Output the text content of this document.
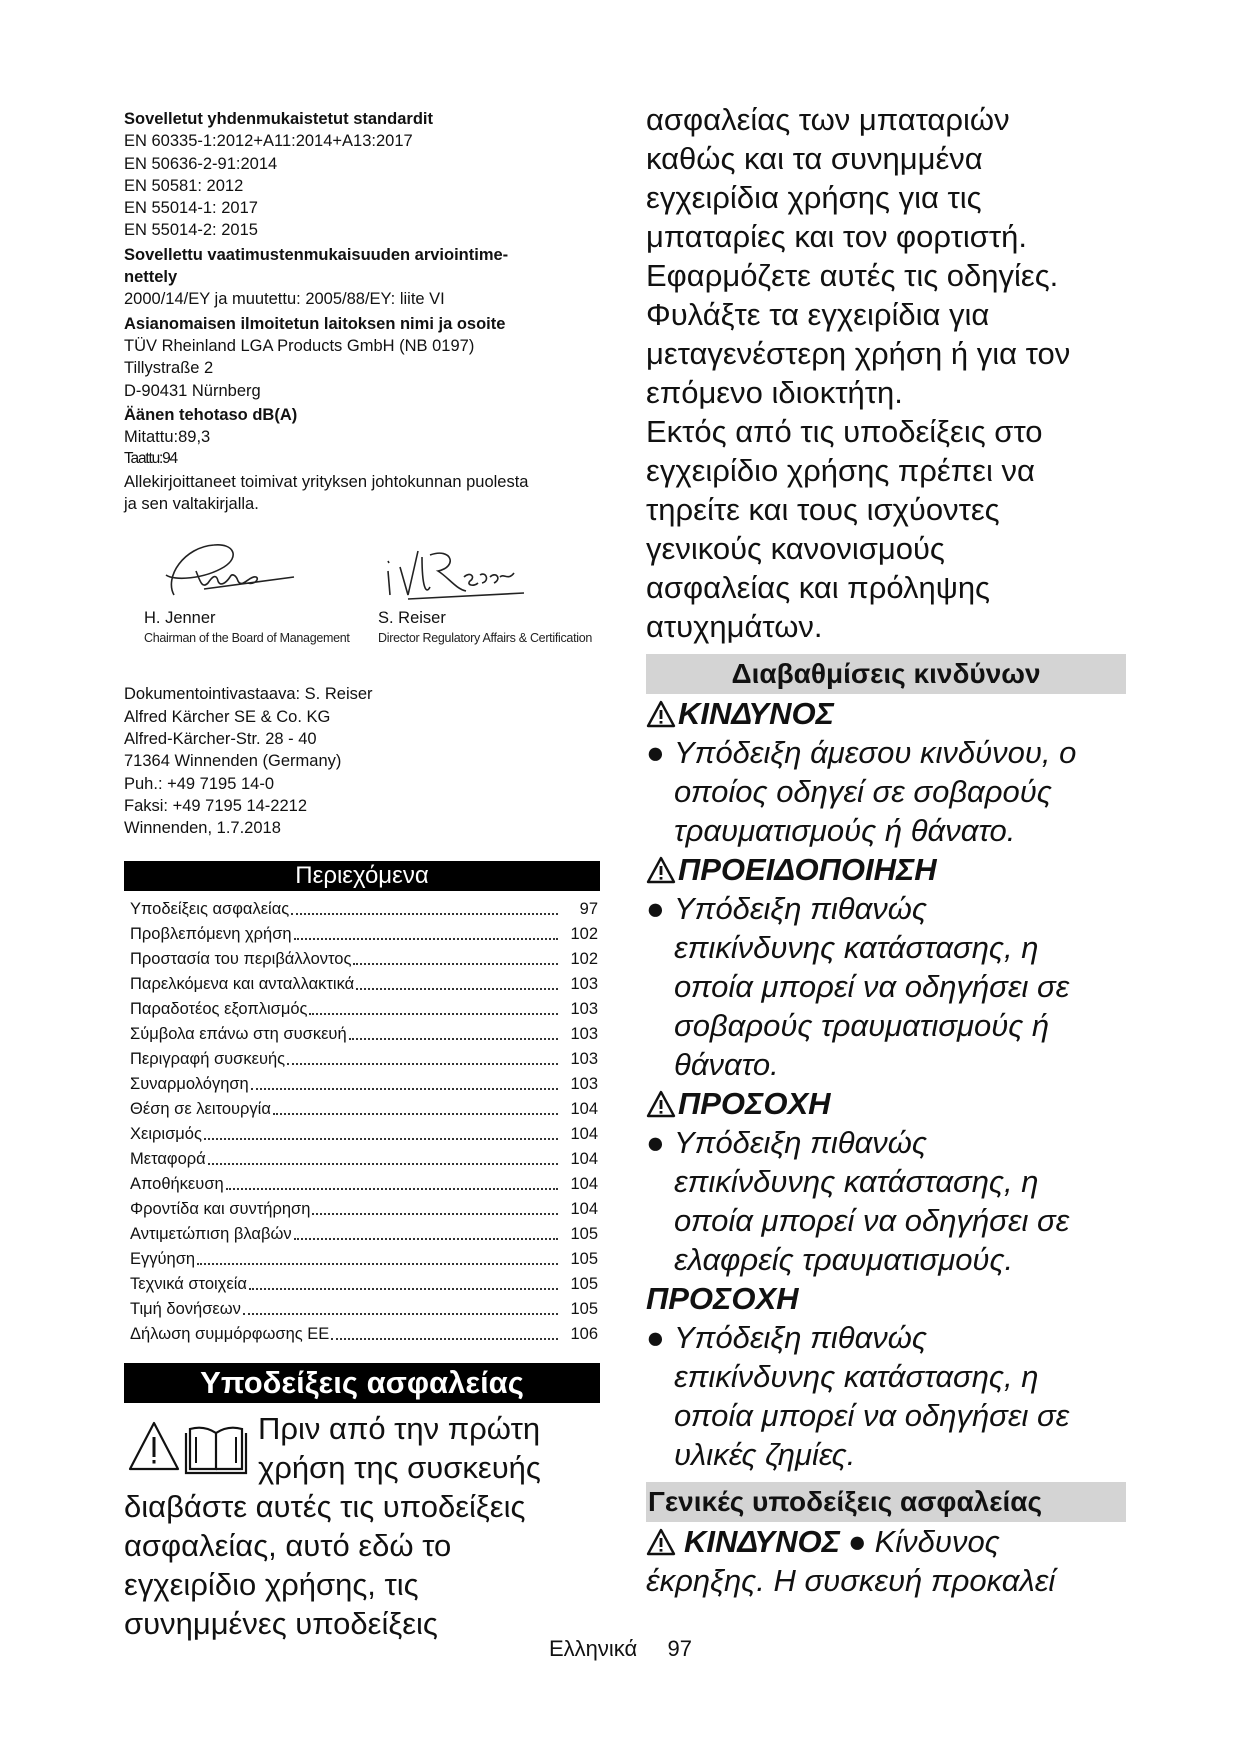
Sovelletut yhdenmukaistetut standardit
EN 60335-1:2012+A11:2014+A13:2017
EN 50636-2-91:2014
EN 50581: 2012
EN 55014-1: 2017
EN 55014-2: 2015
Sovellettu vaatimustenmukaisuuden arviointime-
nettely
2000/14/EY ja muutettu: 2005/88/EY: liite VI
Asianomaisen ilmoitetun laitoksen nimi ja osoite
TÜV Rheinland LGA Products GmbH (NB 0197)
Tillystraße 2
D-90431 Nürnberg
Äänen tehotaso dB(A)
Mitattu:89,3
Taattu:94
Allekirjoittaneet toimivat yrityksen johtokunnan puolesta
ja sen valtakirjalla.
H. Jenner
Chairman of the Board of Management
S. Reiser
Director Regulatory Affairs & Certification
Dokumentointivastaava: S. Reiser
Alfred Kärcher SE & Co. KG
Alfred-Kärcher-Str. 28 - 40
71364 Winnenden (Germany)
Puh.: +49 7195 14-0
Faksi: +49 7195 14-2212
Winnenden, 1.7.2018
Περιεχόμενα
Υποδείξεις ασφαλείας	97
Προβλεπόμενη χρήση	102
Προστασία του περιβάλλοντος	102
Παρελκόμενα και ανταλλακτικά	103
Παραδοτέος εξοπλισμός	103
Σύμβολα επάνω στη συσκευή	103
Περιγραφή συσκευής	103
Συναρμολόγηση	103
Θέση σε λειτουργία	104
Χειρισμός	104
Μεταφορά	104
Αποθήκευση	104
Φροντίδα και συντήρηση	104
Αντιμετώπιση βλαβών	105
Εγγύηση	105
Τεχνικά στοιχεία	105
Τιμή δονήσεων	105
Δήλωση συμμόρφωσης ΕΕ	106
Υποδείξεις ασφαλείας
Πριν από την πρώτη
χρήση της συσκευής
διαβάστε αυτές τις υποδείξεις
ασφαλείας, αυτό εδώ το
εγχειρίδιο χρήσης, τις
συνημμένες υποδείξεις
ασφαλείας των μπαταριών
καθώς και τα συνημμένα
εγχειρίδια χρήσης για τις
μπαταρίες και τον φορτιστή.
Εφαρμόζετε αυτές τις οδηγίες.
Φυλάξτε τα εγχειρίδια για
μεταγενέστερη χρήση ή για τον
επόμενο ιδιοκτήτη.
Εκτός από τις υποδείξεις στο
εγχειρίδιο χρήσης πρέπει να
τηρείτε και τους ισχύοντες
γενικούς κανονισμούς
ασφαλείας και πρόληψης
ατυχημάτων.
Διαβαθμίσεις κινδύνων
ΚΙΝΔΥΝΟΣ
● Υπόδειξη άμεσου κινδύνου, ο
οποίος οδηγεί σε σοβαρούς
τραυματισμούς ή θάνατο.
ΠΡΟΕΙΔΟΠΟΙΗΣΗ
● Υπόδειξη πιθανώς
επικίνδυνης κατάστασης, η
οποία μπορεί να οδηγήσει σε
σοβαρούς τραυματισμούς ή
θάνατο.
ΠΡΟΣΟΧΗ
● Υπόδειξη πιθανώς
επικίνδυνης κατάστασης, η
οποία μπορεί να οδηγήσει σε
ελαφρείς τραυματισμούς.
ΠΡΟΣΟΧΗ
● Υπόδειξη πιθανώς
επικίνδυνης κατάστασης, η
οποία μπορεί να οδηγήσει σε
υλικές ζημίες.
Γενικές υποδείξεις ασφαλείας
ΚΙΝΔΥΝΟΣ ● Κίνδυνος
έκρηξης. Η συσκευή προκαλεί
Ελληνικά 97
